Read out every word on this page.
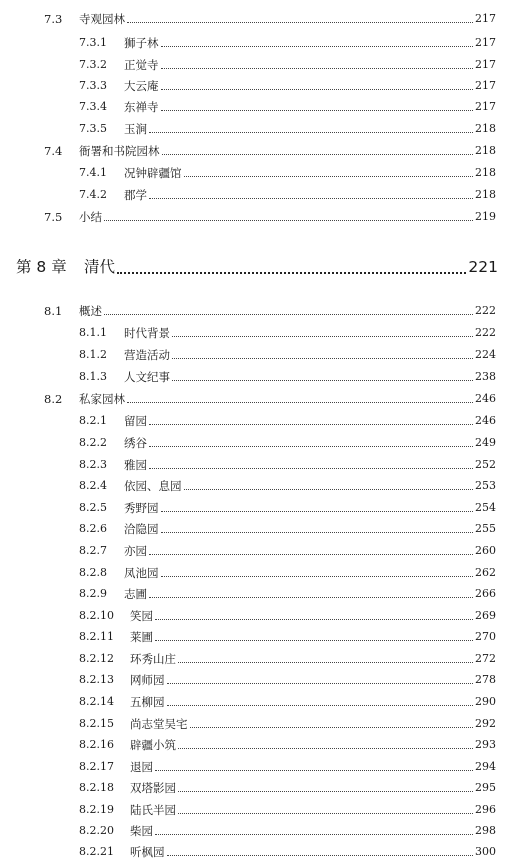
7.3 寺观园林	217
7.3.1 狮子林	217
7.3.2 正觉寺	217
7.3.3 大云庵	217
7.3.4 东禅寺	217
7.3.5 玉涧	218
7.4 衙署和书院园林	218
7.4.1 况钟辟疆馆	218
7.4.2 郡学	218
7.5 小结	219
第 8 章 清代	221
8.1 概述	222
8.1.1 时代背景	222
8.1.2 营造活动	224
8.1.3 人文纪事	238
8.2 私家园林	246
8.2.1 留园	246
8.2.2 绣谷	249
8.2.3 雅园	252
8.2.4 依园、息园	253
8.2.5 秀野园	254
8.2.6 洽隐园	255
8.2.7 亦园	260
8.2.8 凤池园	262
8.2.9 志圃	266
8.2.10 笑园	269
8.2.11 莱圃	270
8.2.12 环秀山庄	272
8.2.13 网师园	278
8.2.14 五柳园	290
8.2.15 尚志堂吴宅	292
8.2.16 辟疆小筑	293
8.2.17 退园	294
8.2.18 双塔影园	295
8.2.19 陆氏半园	296
8.2.20 柴园	298
8.2.21 听枫园	300
